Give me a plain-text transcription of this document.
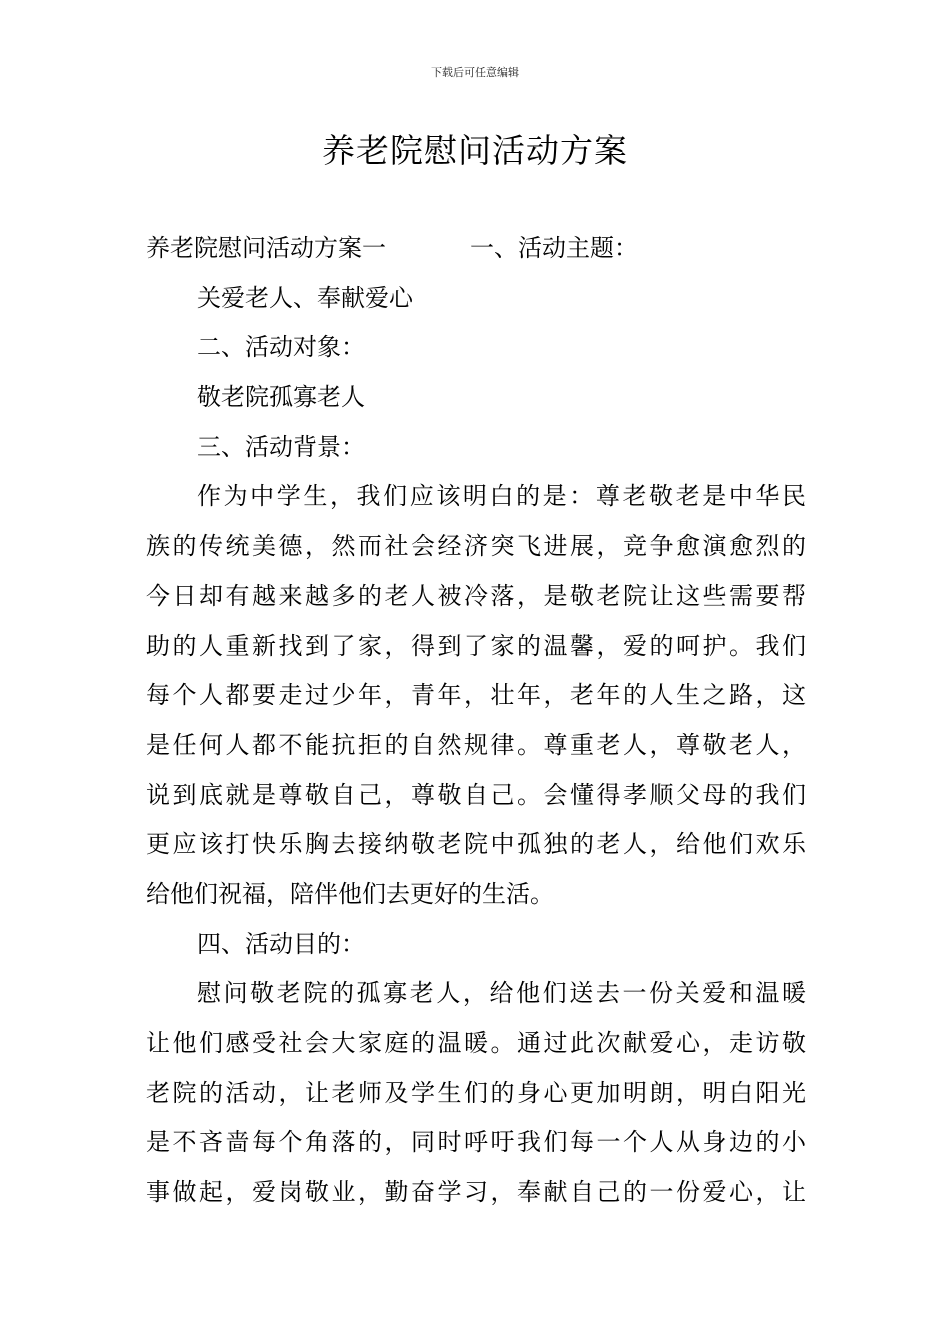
下载后可任意编辑
养老院慰问活动方案

养老院慰问活动方案一	一、活动主题：

关爱老人、奉献爱心

二、活动对象：

敬老院孤寡老人

三、活动背景：

作为中学生，我们应该明白的是：尊老敬老是中华民

族的传统美德，然而社会经济突飞进展，竞争愈演愈烈的

今日却有越来越多的老人被冷落，是敬老院让这些需要帮

助的人重新找到了家，得到了家的温馨，爱的呵护。我们

每个人都要走过少年，青年，壮年，老年的人生之路，这

是任何人都不能抗拒的自然规律。尊重老人，尊敬老人，

说到底就是尊敬自己，尊敬自己。会懂得孝顺父母的我们

更应该打快乐胸去接纳敬老院中孤独的老人，给他们欢乐

给他们祝福，陪伴他们去更好的生活。

四、活动目的：

慰问敬老院的孤寡老人，给他们送去一份关爱和温暖

让他们感受社会大家庭的温暖。通过此次献爱心，走访敬

老院的活动，让老师及学生们的身心更加明朗，明白阳光

是不吝啬每个角落的，同时呼吁我们每一个人从身边的小

事做起，爱岗敬业，勤奋学习，奉献自己的一份爱心，让
